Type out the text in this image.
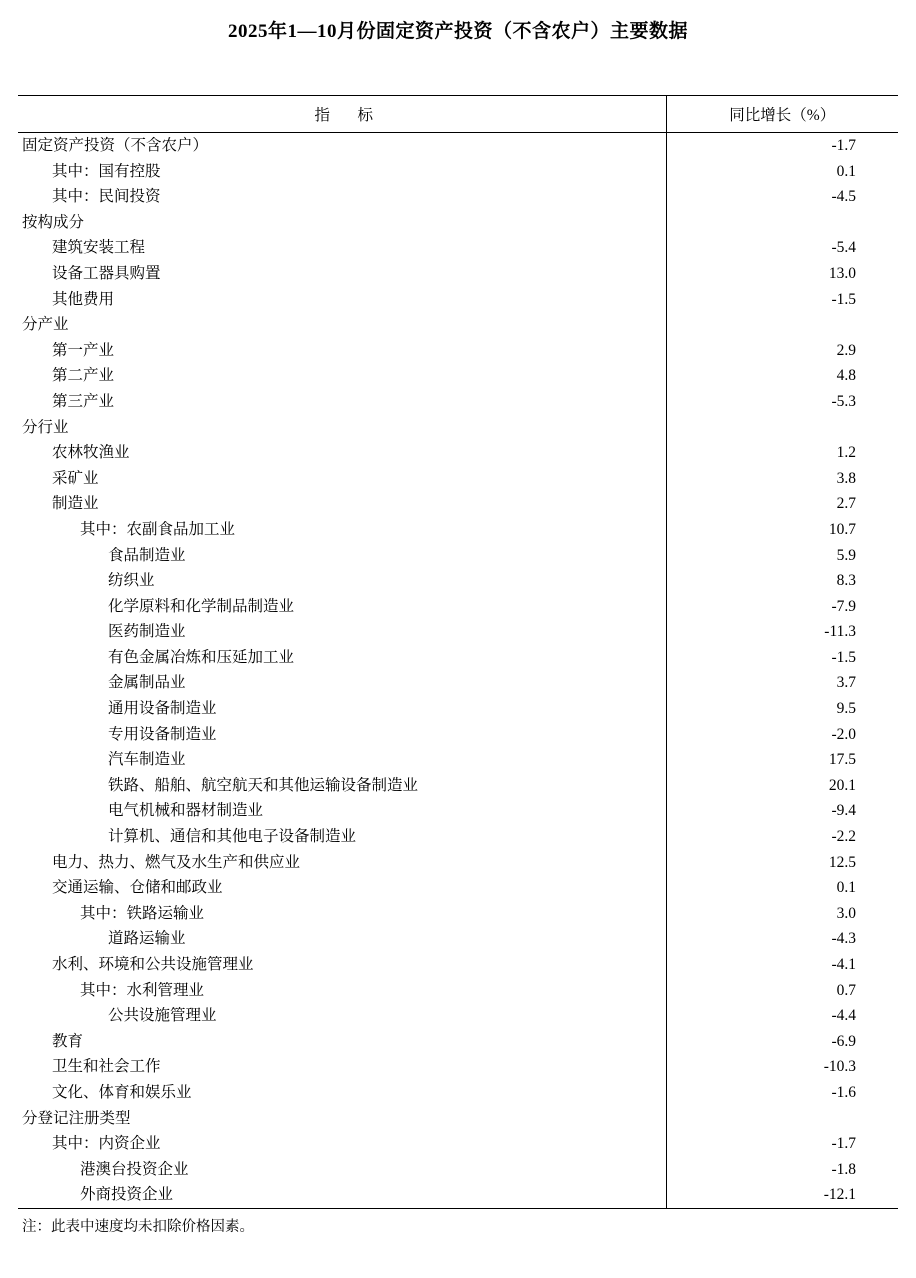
2025年1—10月份固定资产投资（不含农户）主要数据

指　标	同比增长（%）
固定资产投资（不含农户）	-1.7
其中：国有控股	0.1
其中：民间投资	-4.5
按构成分	
建筑安装工程	-5.4
设备工器具购置	13.0
其他费用	-1.5
分产业	
第一产业	2.9
第二产业	4.8
第三产业	-5.3
分行业	
农林牧渔业	1.2
采矿业	3.8
制造业	2.7
其中：农副食品加工业	10.7
食品制造业	5.9
纺织业	8.3
化学原料和化学制品制造业	-7.9
医药制造业	-11.3
有色金属冶炼和压延加工业	-1.5
金属制品业	3.7
通用设备制造业	9.5
专用设备制造业	-2.0
汽车制造业	17.5
铁路、船舶、航空航天和其他运输设备制造业	20.1
电气机械和器材制造业	-9.4
计算机、通信和其他电子设备制造业	-2.2
电力、热力、燃气及水生产和供应业	12.5
交通运输、仓储和邮政业	0.1
其中：铁路运输业	3.0
道路运输业	-4.3
水利、环境和公共设施管理业	-4.1
其中：水利管理业	0.7
公共设施管理业	-4.4
教育	-6.9
卫生和社会工作	-10.3
文化、体育和娱乐业	-1.6
分登记注册类型	
其中：内资企业	-1.7
港澳台投资企业	-1.8
外商投资企业	-12.1
注：此表中速度均未扣除价格因素。
